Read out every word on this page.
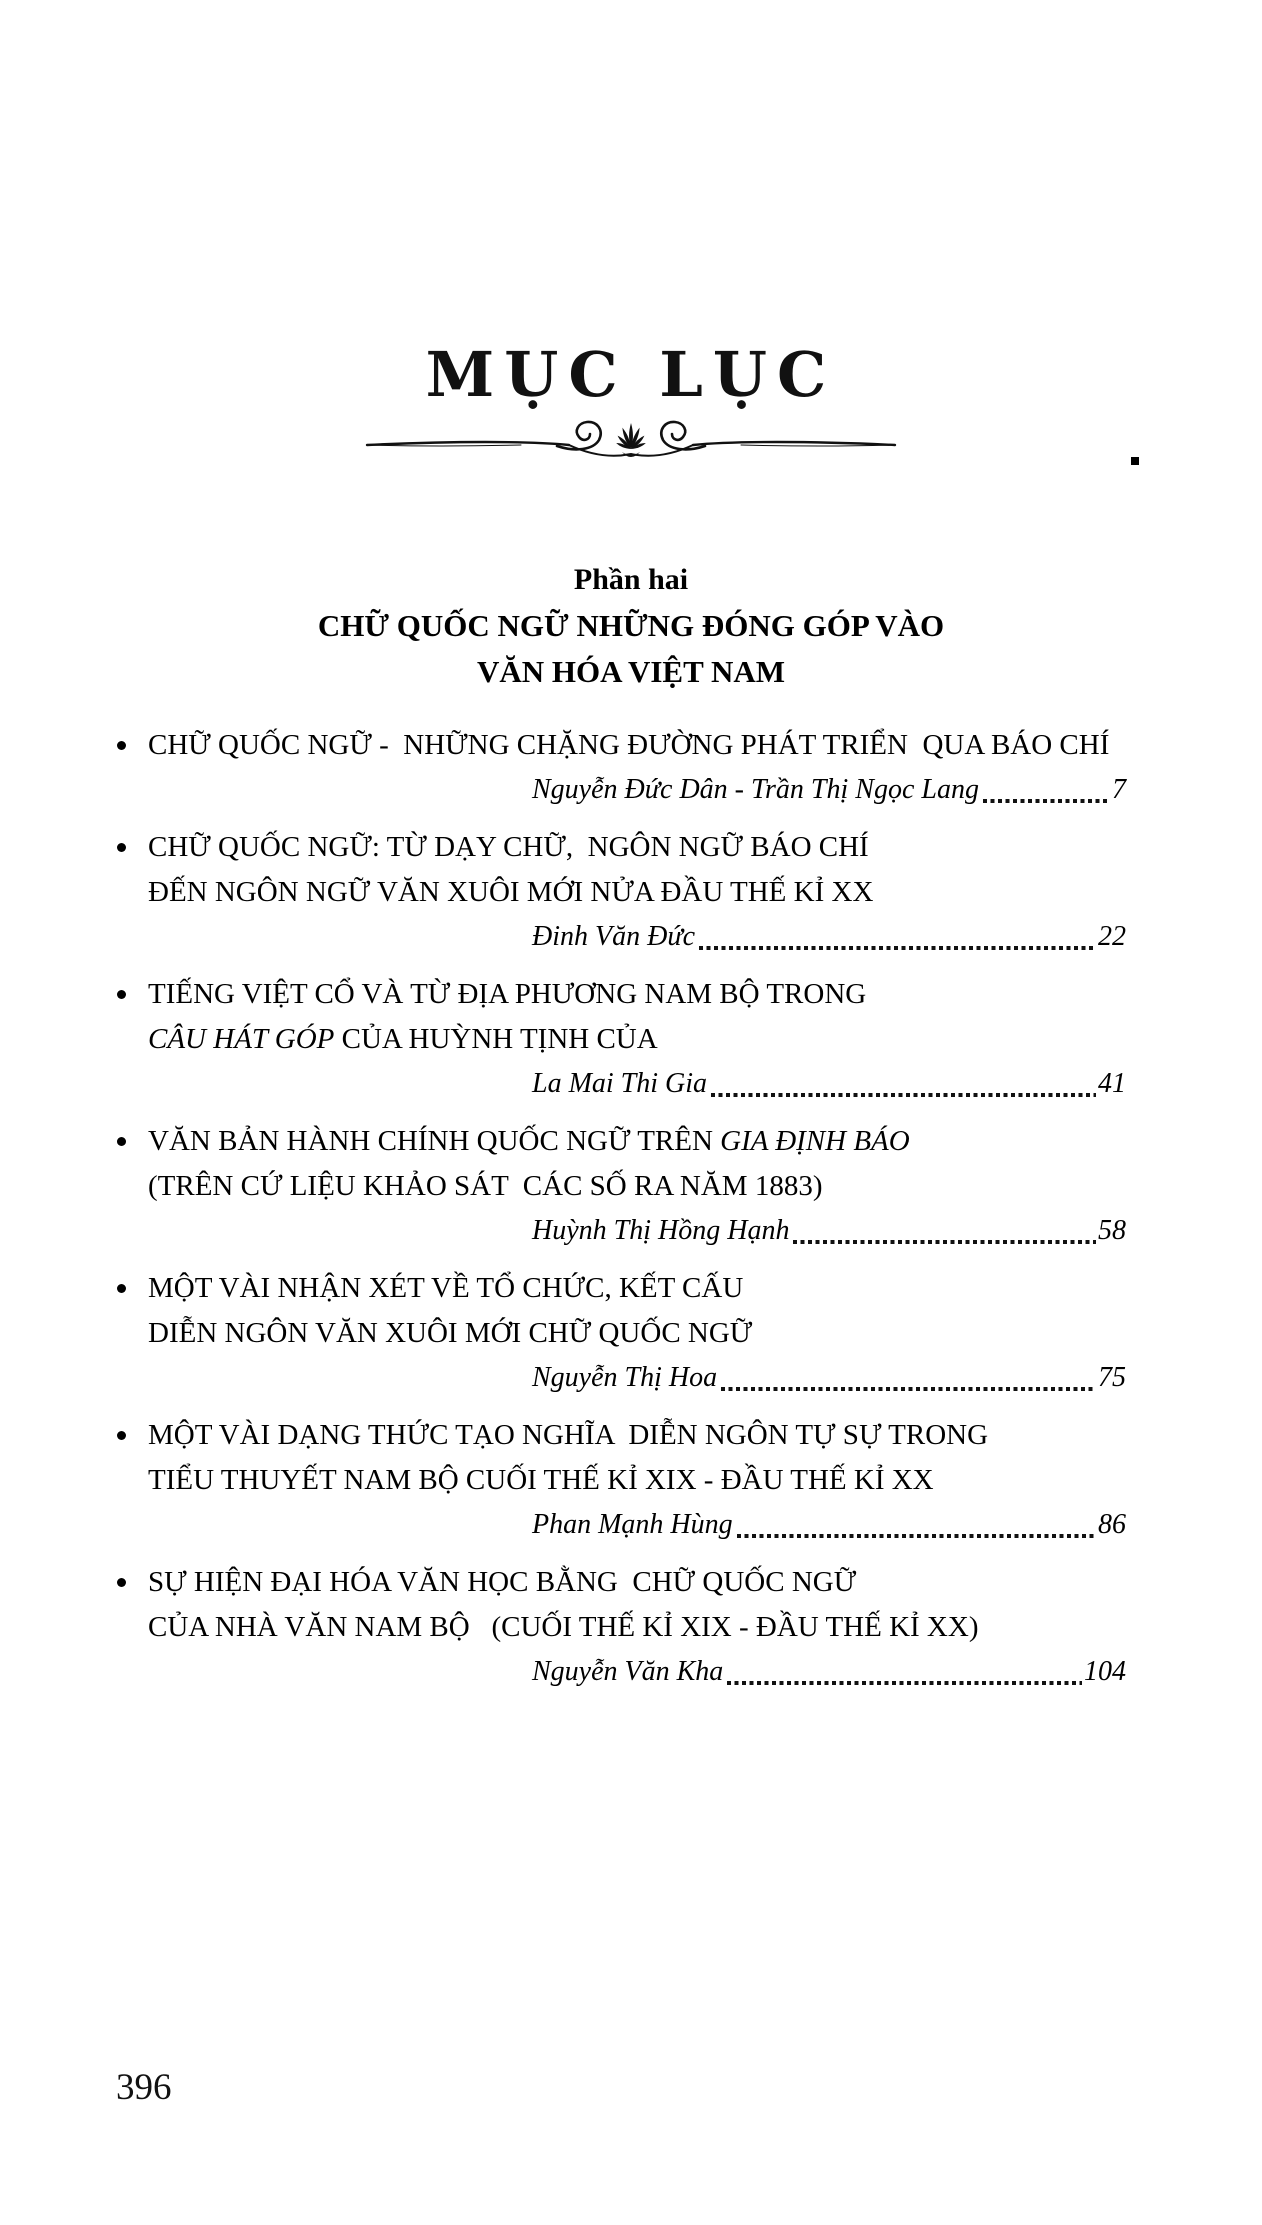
MỤC LỤC
Phần hai
CHỮ QUỐC NGỮ NHỮNG ĐÓNG GÓP VÀO
VĂN HÓA VIỆT NAM
CHỮ QUỐC NGỮ -  NHỮNG CHẶNG ĐƯỜNG PHÁT TRIỂN  QUA BÁO CHÍ
Nguyễn Đức Dân - Trần Thị Ngọc Lang	7
CHỮ QUỐC NGỮ: TỪ DẠY CHỮ,  NGÔN NGỮ BÁO CHÍ
ĐẾN NGÔN NGỮ VĂN XUÔI MỚI NỬA ĐẦU THẾ KỈ XX
Đinh Văn Đức	22
TIẾNG VIỆT CỔ VÀ TỪ ĐỊA PHƯƠNG NAM BỘ TRONG
CÂU HÁT GÓP CỦA HUỲNH TỊNH CỦA
La Mai Thi Gia	41
VĂN BẢN HÀNH CHÍNH QUỐC NGỮ TRÊN GIA ĐỊNH BÁO
(TRÊN CỨ LIỆU KHẢO SÁT  CÁC SỐ RA NĂM 1883)
Huỳnh Thị Hồng Hạnh	58
MỘT VÀI NHẬN XÉT VỀ TỔ CHỨC, KẾT CẤU
DIỄN NGÔN VĂN XUÔI MỚI CHỮ QUỐC NGỮ
Nguyễn Thị Hoa	75
MỘT VÀI DẠNG THỨC TẠO NGHĨA  DIỄN NGÔN TỰ SỰ TRONG
TIỂU THUYẾT NAM BỘ CUỐI THẾ KỈ XIX - ĐẦU THẾ KỈ XX
Phan Mạnh Hùng	86
SỰ HIỆN ĐẠI HÓA VĂN HỌC BẰNG  CHỮ QUỐC NGỮ
CỦA NHÀ VĂN NAM BỘ   (CUỐI THẾ KỈ XIX - ĐẦU THẾ KỈ XX)
Nguyễn Văn Kha	104
396
